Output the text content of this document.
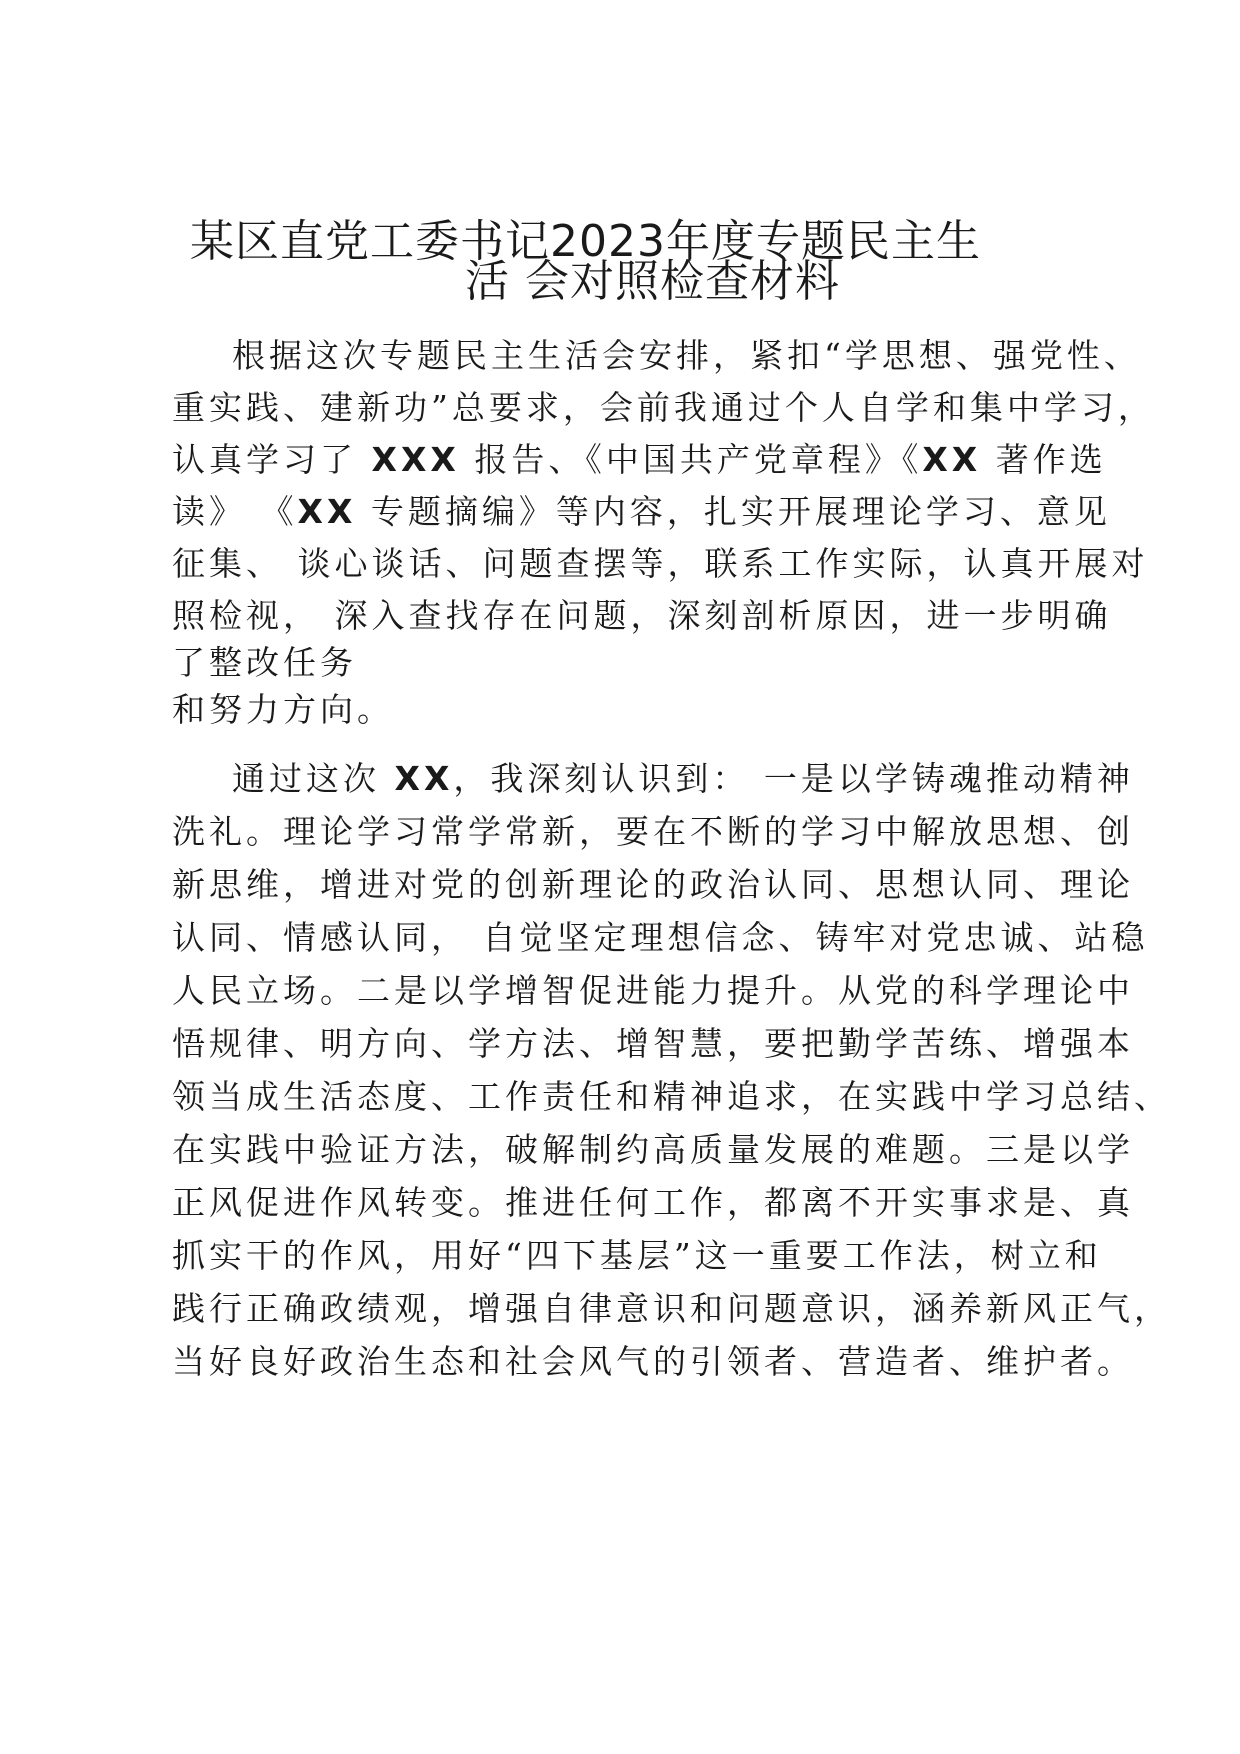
某区直党工委书记2023年度专题民主生
活 会对照检查材料
根据这次专题民主生活会安排，紧扣“学思想、强党性、
重实践、建新功”总要求，会前我通过个人自学和集中学习，
认真学习了 XXX 报告、《中国共产党章程》《XX 著作选
读》 《XX 专题摘编》等内容，扎实开展理论学习、意见
征集、 谈心谈话、问题查摆等，联系工作实际，认真开展对
照检视， 深入查找存在问题，深刻剖析原因，进一步明确
了整改任务
和努力方向。
通过这次 XX，我深刻认识到： 一是以学铸魂推动精神
洗礼。理论学习常学常新，要在不断的学习中解放思想、创
新思维，增进对党的创新理论的政治认同、思想认同、理论
认同、情感认同， 自觉坚定理想信念、铸牢对党忠诚、站稳
人民立场。二是以学增智促进能力提升。从党的科学理论中
悟规律、明方向、学方法、增智慧，要把勤学苦练、增强本
领当成生活态度、工作责任和精神追求，在实践中学习总结、
在实践中验证方法，破解制约高质量发展的难题。三是以学
正风促进作风转变。推进任何工作，都离不开实事求是、真
抓实干的作风，用好“四下基层”这一重要工作法，树立和
践行正确政绩观，增强自律意识和问题意识，涵养新风正气，
当好良好政治生态和社会风气的引领者、营造者、维护者。
